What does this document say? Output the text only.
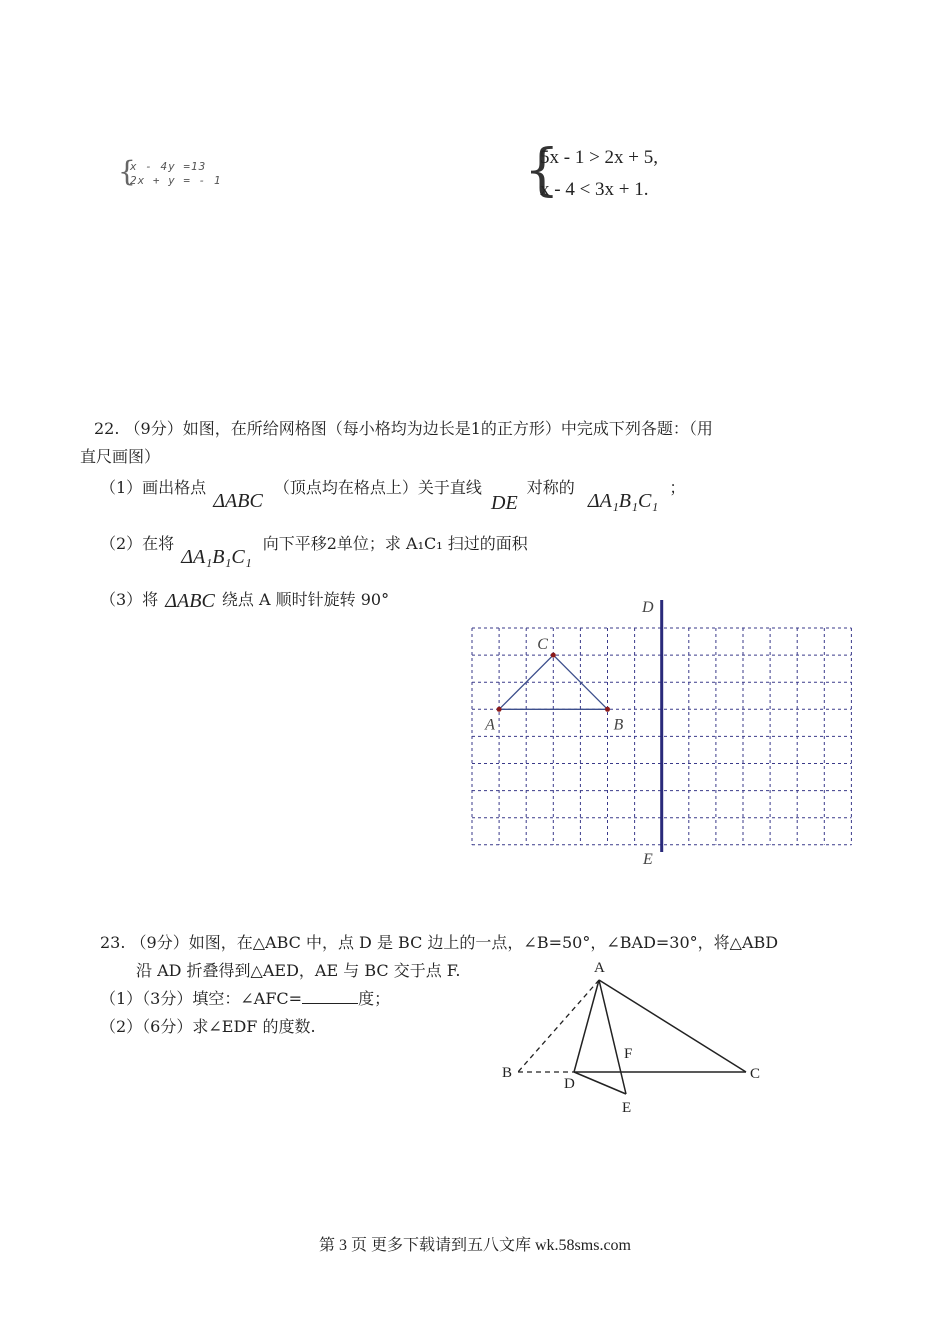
{
x - 4y =13
2x + y = - 1	{
5x - 1 > 2x + 5,
x - 4 < 3x + 1.
22. （9分）如图，在所给网格图（每小格均为边长是1的正方形）中完成下列各题：（用
直尺画图）
（1）画出格点 ΔABC （顶点均在格点上）关于直线 DE 对称的 ΔA₁B₁C₁ ；
（2）在将 ΔA₁B₁C₁ 向下平移2单位；求 A₁C₁ 扫过的面积
（3）将 ΔABC 绕点 A 顺时针旋转 90°
A	B
C
D
E
23. （9分）如图，在△ABC 中，点 D 是 BC 边上的一点，∠B=50°，∠BAD=30°，将△ABD
沿 AD 折叠得到△AED，AE 与 BC 交于点 F.
（1）（3分）填空：∠AFC=	度；
（2）（6分）求∠EDF 的度数.
A
B	C
D
E
F
第 3 页 更多下载请到五八文库 wk.58sms.com
